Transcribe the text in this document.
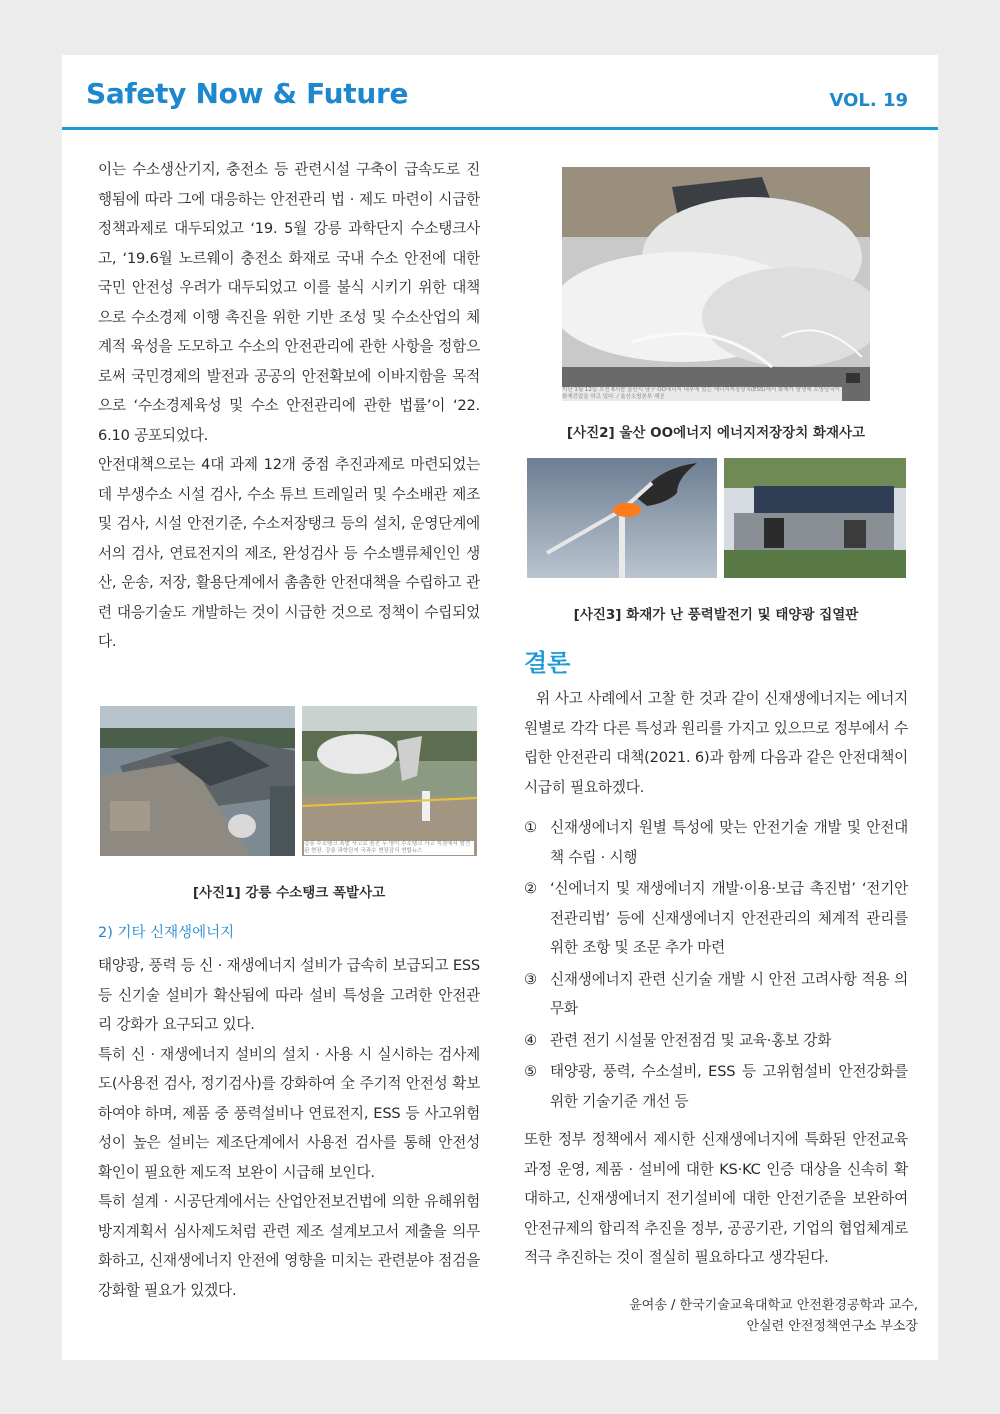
Safety Now & Future	VOL. 19

이는 수소생산기지, 충전소 등 관련시설 구축이 급속도로 진행됨에 따라 그에 대응하는 안전관리 법 · 제도 마련이 시급한 정책과제로 대두되었고 ‘19. 5월 강릉 과학단지 수소탱크사고, ‘19.6월 노르웨이 충전소 화재로 국내 수소 안전에 대한 국민 안전성 우려가 대두되었고 이를 불식 시키기 위한 대책으로 수소경제 이행 촉진을 위한 기반 조성 및 수소산업의 체계적 육성을 도모하고 수소의 안전관리에 관한 사항을 정함으로써 국민경제의 발전과 공공의 안전확보에 이바지함을 목적으로 ‘수소경제육성 및 수소 안전관리에 관한 법률’이 ‘22. 6.10 공포되었다.

안전대책으로는 4대 과제 12개 중점 추진과제로 마련되었는데 부생수소 시설 검사, 수소 튜브 트레일러 및 수소배관 제조 및 검사, 시설 안전기준, 수소저장탱크 등의 설치, 운영단계에서의 검사, 연료전지의 제조, 완성검사 등 수소밸류체인인 생산, 운송, 저장, 활용단계에서 촘촘한 안전대책을 수립하고 관련 대응기술도 개발하는 것이 시급한 것으로 정책이 수립되었다.

강릉 수소탱크 폭발 사고로 숨진 두 명이 수소탱크 사고 지점에서 발견된 현장. 강릉 과학단지 국과수 현장감식 연합뉴스
[사진1] 강릉 수소탱크 폭발사고
2) 기타 신재생에너지

태양광, 풍력 등 신 · 재생에너지 설비가 급속히 보급되고 ESS 등 신기술 설비가 확산됨에 따라 설비 특성을 고려한 안전관리 강화가 요구되고 있다.

특히 신 · 재생에너지 설비의 설치 · 사용 시 실시하는 검사제도(사용전 검사, 정기검사)를 강화하여 全 주기적 안전성 확보하여야 하며, 제품 중 풍력설비나 연료전지, ESS 등 사고위험성이 높은 설비는 제조단계에서 사용전 검사를 통해 안전성 확인이 필요한 제도적 보완이 시급해 보인다.

특히 설계 · 시공단계에서는 산업안전보건법에 의한 유해위험방지계획서 심사제도처럼 관련 제조 설계보고서 제출을 의무화하고, 신재생에너지 안전에 영향을 미치는 관련분야 점검을 강화할 필요가 있겠다.

지난 1월 12일 오전 6시쯤 울산시 남구 OO에너지 내부에 있는 에너지저장장치(ESS)에서 화재가 발생해 소방당국이 화재진압을 하고 있다. / 울산소방본부 제공
[사진2] 울산 OO에너지 에너지저장장치 화재사고
[사진3] 화재가 난 풍력발전기 및 태양광 집열판
결론

위 사고 사례에서 고찰 한 것과 같이 신재생에너지는 에너지원별로 각각 다른 특성과 원리를 가지고 있으므로 정부에서 수립한 안전관리 대책(2021. 6)과 함께 다음과 같은 안전대책이 시급히 필요하겠다.

① 신재생에너지 원별 특성에 맞는 안전기술 개발 및 안전대책 수립 · 시행
② ‘신에너지 및 재생에너지 개발·이용·보급 촉진법’ ‘전기안전관리법’ 등에 신재생에너지 안전관리의 체계적 관리를 위한 조항 및 조문 추가 마련
③ 신재생에너지 관련 신기술 개발 시 안전 고려사항 적용 의무화
④ 관련 전기 시설물 안전점검 및 교육·홍보 강화
⑤ 태양광, 풍력, 수소설비, ESS 등 고위험설비 안전강화를 위한 기술기준 개선 등

또한 정부 정책에서 제시한 신재생에너지에 특화된 안전교육 과정 운영, 제품 · 설비에 대한 KS·KC 인증 대상을 신속히 확대하고, 신재생에너지 전기설비에 대한 안전기준을 보완하여 안전규제의 합리적 추진을 정부, 공공기관, 기업의 협업체계로 적극 추진하는 것이 절실히 필요하다고 생각된다.

윤여송 / 한국기술교육대학교 안전환경공학과 교수,
안실련 안전정책연구소 부소장
